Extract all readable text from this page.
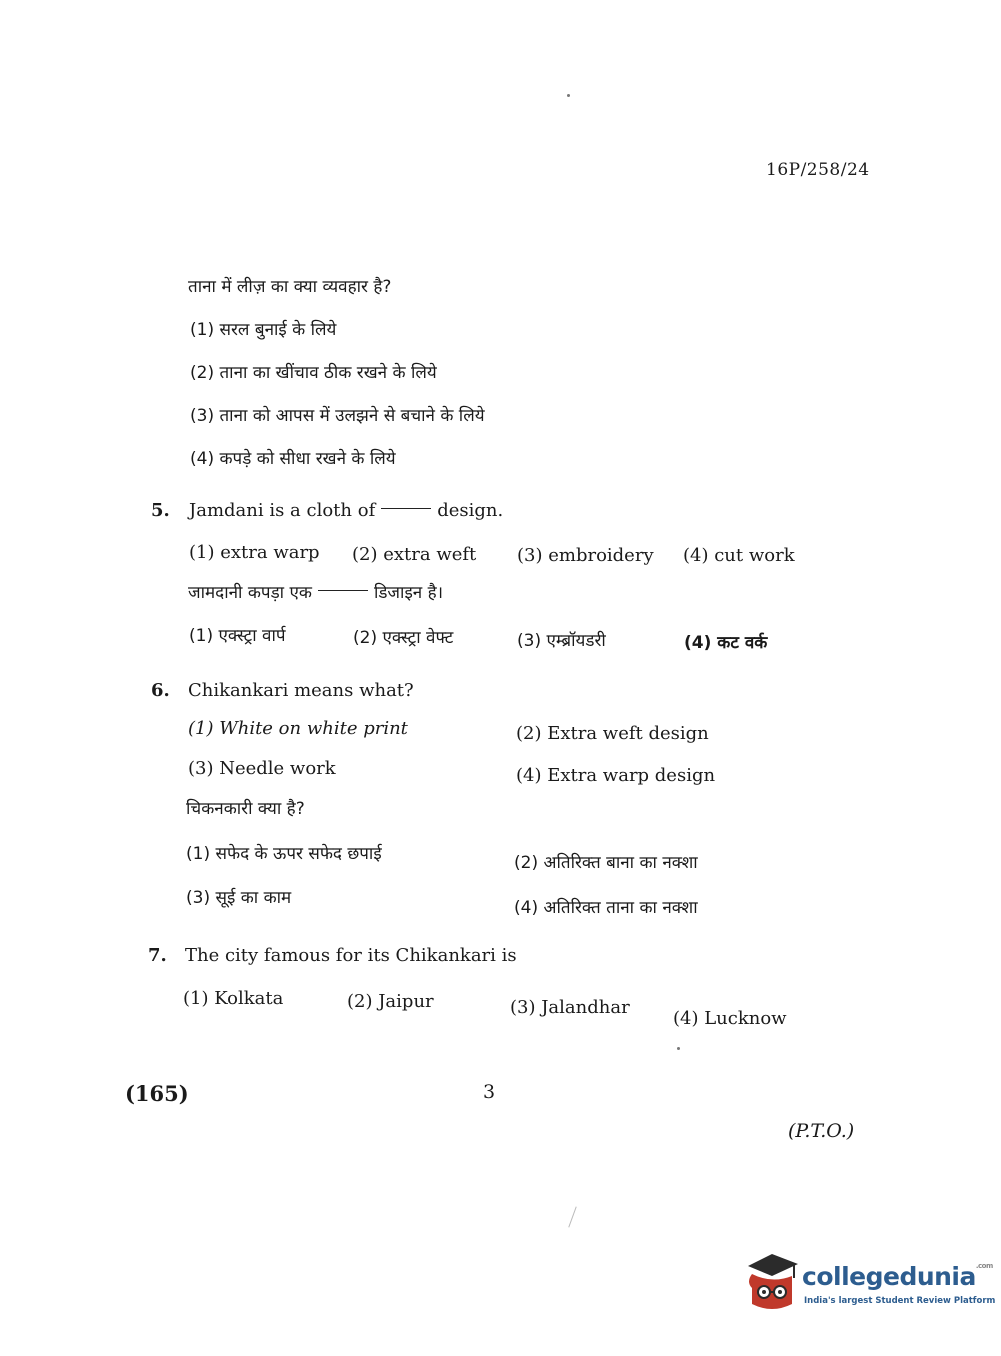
16P/258/24
ताना में लीज़ का क्या व्यवहार है?
(1) सरल बुनाई के लिये
(2) ताना का खींचाव ठीक रखने के लिये
(3) ताना को आपस में उलझने से बचाने के लिये
(4) कपड़े को सीधा रखने के लिये
5. Jamdani is a cloth of	design.
(1) extra warp (2) extra weft (3) embroidery (4) cut work
जामदानी कपड़ा एक	डिजाइन है।
(1) एक्स्ट्रा वार्प	(2) एक्स्ट्रा वेफ्ट	(3) एम्ब्रॉयडरी	(4) कट वर्क
6. Chikankari means what?
(1) White on white print	(2) Extra weft design
(3) Needle work	(4) Extra warp design
चिकनकारी क्या है?
(1) सफेद के ऊपर सफेद छपाई	(2) अतिरिक्त बाना का नक्शा
(3) सूई का काम	(4) अतिरिक्त ताना का नक्शा
7. The city famous for its Chikankari is
(1) Kolkata	(2) Jaipur	(3) Jalandhar
(4) Lucknow
(165)	3
(P.T.O.)
collegedunia$^{.com}$
India's largest Student Review Platform
